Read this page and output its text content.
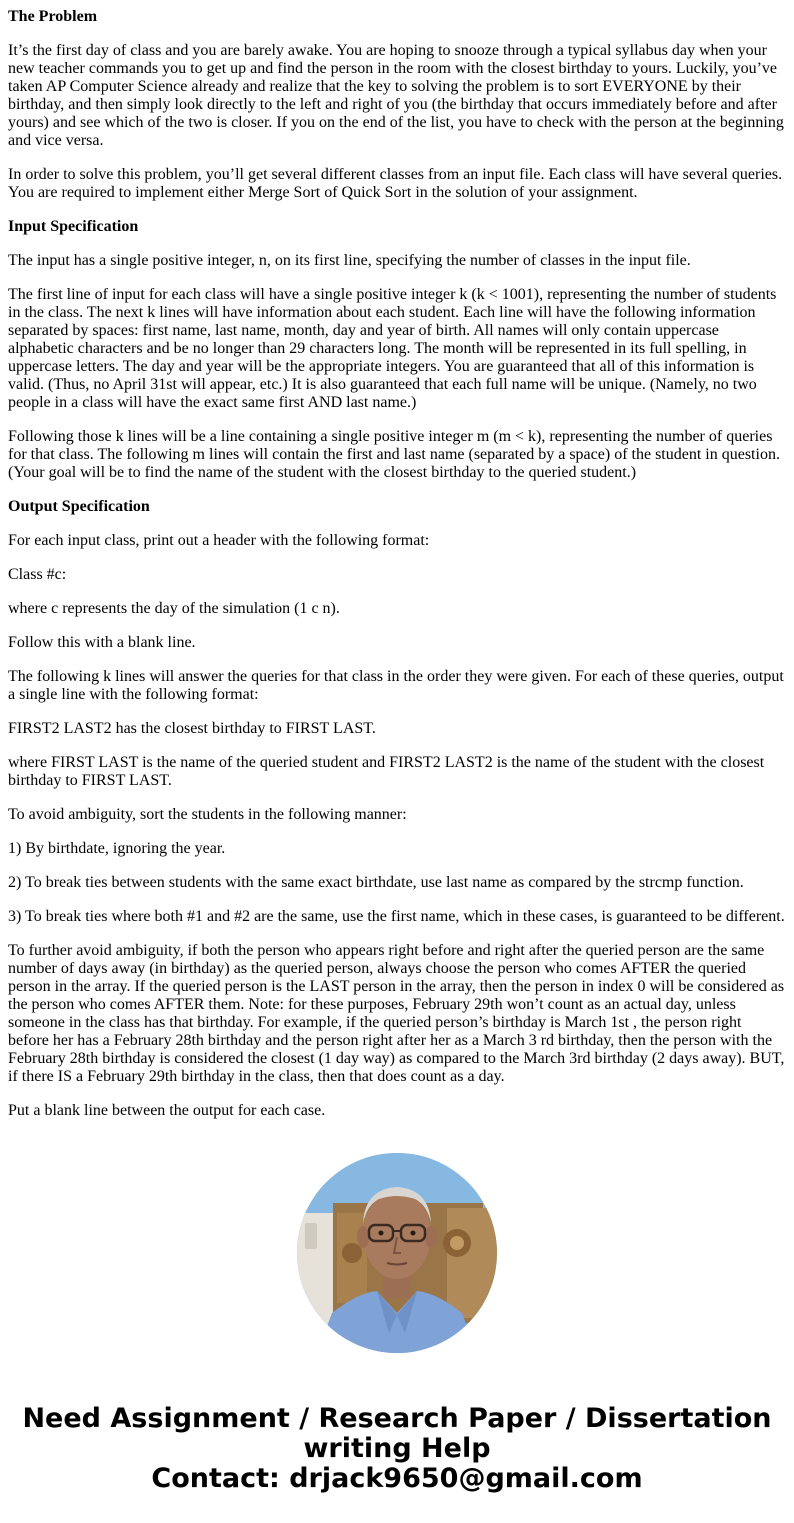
The Problem

It’s the first day of class and you are barely awake. You are hoping to snooze through a typical syllabus day when your new teacher commands you to get up and find the person in the room with the closest birthday to yours. Luckily, you’ve taken AP Computer Science already and realize that the key to solving the problem is to sort EVERYONE by their birthday, and then simply look directly to the left and right of you (the birthday that occurs immediately before and after yours) and see which of the two is closer. If you on the end of the list, you have to check with the person at the beginning and vice versa.

In order to solve this problem, you’ll get several different classes from an input file. Each class will have several queries. You are required to implement either Merge Sort of Quick Sort in the solution of your assignment.

Input Specification

The input has a single positive integer, n, on its first line, specifying the number of classes in the input file.

The first line of input for each class will have a single positive integer k (k < 1001), representing the number of students in the class. The next k lines will have information about each student. Each line will have the following information separated by spaces: first name, last name, month, day and year of birth. All names will only contain uppercase alphabetic characters and be no longer than 29 characters long. The month will be represented in its full spelling, in uppercase letters. The day and year will be the appropriate integers. You are guaranteed that all of this information is valid. (Thus, no April 31st will appear, etc.) It is also guaranteed that each full name will be unique. (Namely, no two people in a class will have the exact same first AND last name.)

Following those k lines will be a line containing a single positive integer m (m < k), representing the number of queries for that class. The following m lines will contain the first and last name (separated by a space) of the student in question. (Your goal will be to find the name of the student with the closest birthday to the queried student.)

Output Specification

For each input class, print out a header with the following format:

Class #c:

where c represents the day of the simulation (1 c n).

Follow this with a blank line.

The following k lines will answer the queries for that class in the order they were given. For each of these queries, output a single line with the following format:

FIRST2 LAST2 has the closest birthday to FIRST LAST.

where FIRST LAST is the name of the queried student and FIRST2 LAST2 is the name of the student with the closest birthday to FIRST LAST.

To avoid ambiguity, sort the students in the following manner:

1) By birthdate, ignoring the year.

2) To break ties between students with the same exact birthdate, use last name as compared by the strcmp function.

3) To break ties where both #1 and #2 are the same, use the first name, which in these cases, is guaranteed to be different.

To further avoid ambiguity, if both the person who appears right before and right after the queried person are the same number of days away (in birthday) as the queried person, always choose the person who comes AFTER the queried person in the array. If the queried person is the LAST person in the array, then the person in index 0 will be considered as the person who comes AFTER them. Note: for these purposes, February 29th won’t count as an actual day, unless someone in the class has that birthday. For example, if the queried person’s birthday is March 1st , the person right before her has a February 28th birthday and the person right after her as a March 3 rd birthday, then the person with the February 28th birthday is considered the closest (1 day way) as compared to the March 3rd birthday (2 days away). BUT, if there IS a February 29th birthday in the class, then that does count as a day.

Put a blank line between the output for each case.

Need Assignment / Research Paper / Dissertation
writing Help
Contact: drjack9650@gmail.com
